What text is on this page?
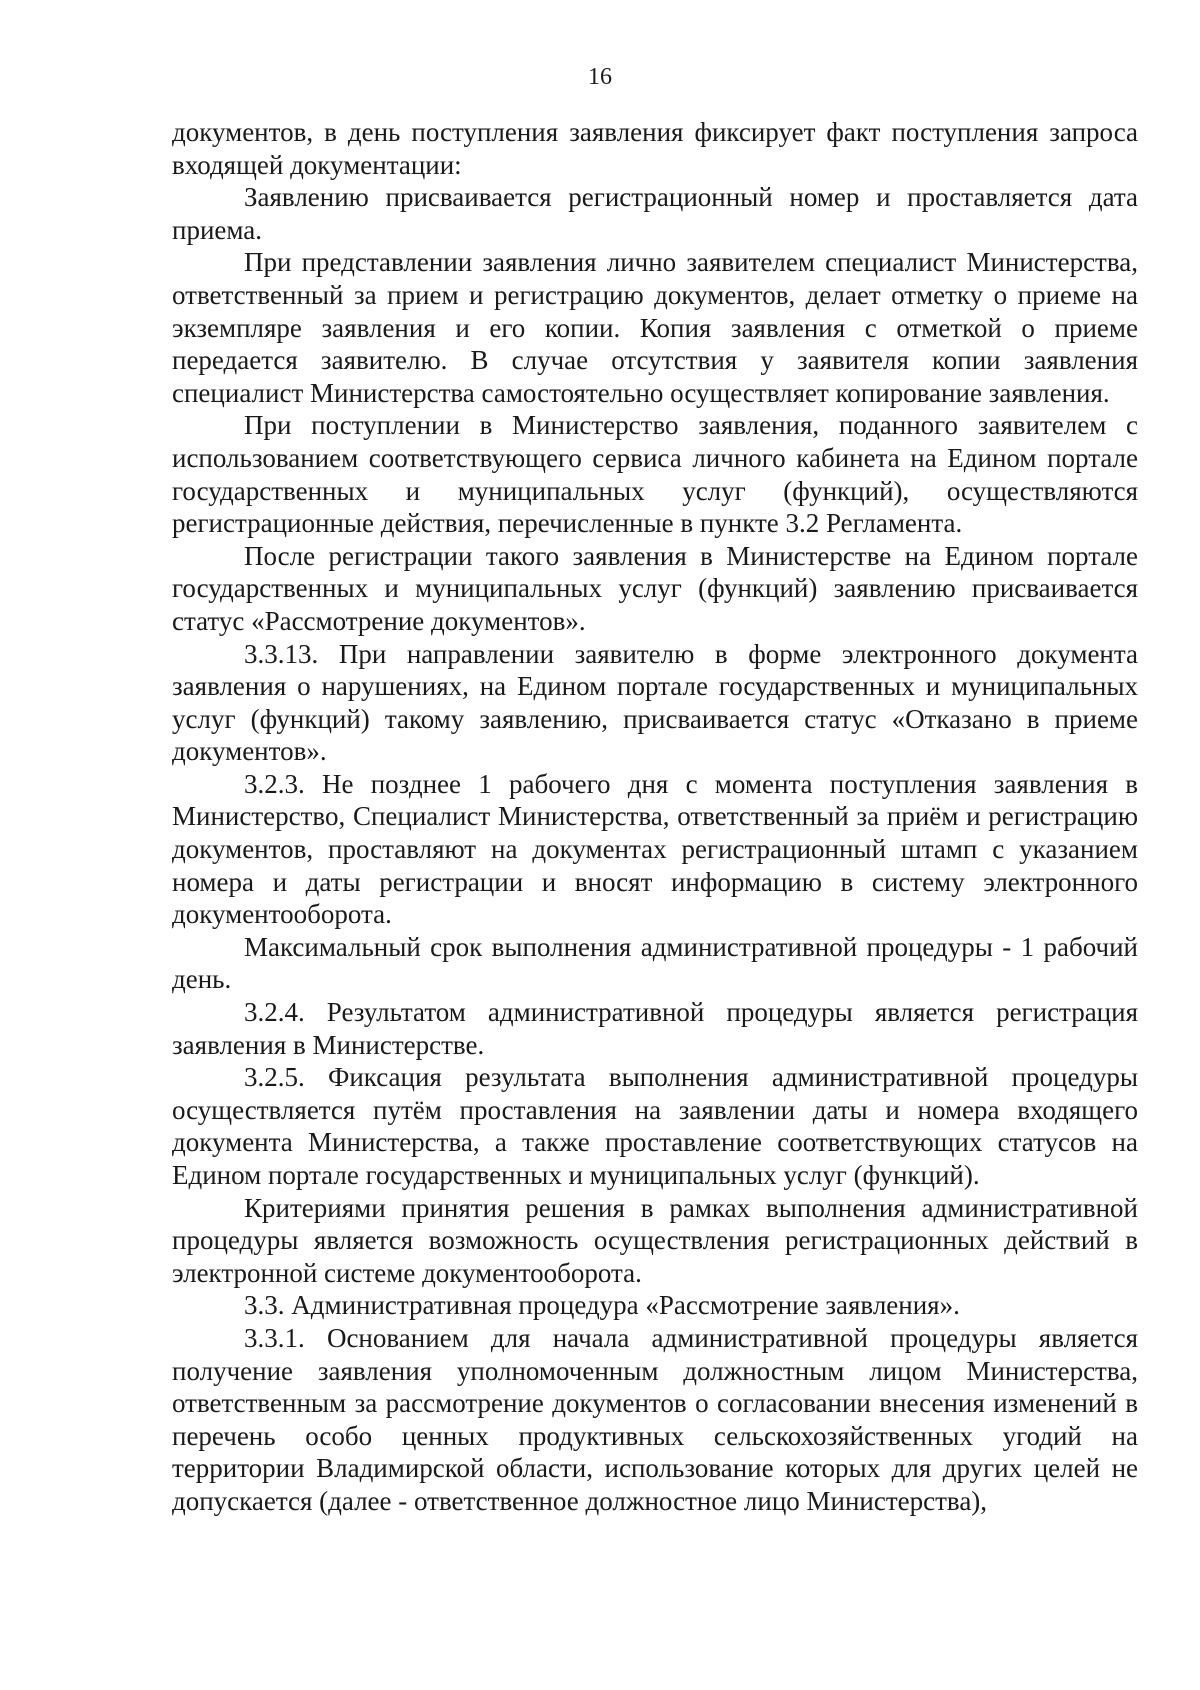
16

документов, в день поступления заявления фиксирует факт поступления запроса входящей документации:

Заявлению присваивается регистрационный номер и проставляется дата приема.

При представлении заявления лично заявителем специалист Министерства, ответственный за прием и регистрацию документов, делает отметку о приеме на экземпляре заявления и его копии. Копия заявления с отметкой о приеме передается заявителю. В случае отсутствия у заявителя копии заявления специалист Министерства самостоятельно осуществляет копирование заявления.

При поступлении в Министерство заявления, поданного заявителем с использованием соответствующего сервиса личного кабинета на Едином портале государственных и муниципальных услуг (функций), осуществляются регистрационные действия, перечисленные в пункте 3.2 Регламента.

После регистрации такого заявления в Министерстве на Едином портале государственных и муниципальных услуг (функций) заявлению присваивается статус «Рассмотрение документов».

3.3.13. При направлении заявителю в форме электронного документа заявления о нарушениях, на Едином портале государственных и муниципальных услуг (функций) такому заявлению, присваивается статус «Отказано в приеме документов».

3.2.3. Не позднее 1 рабочего дня с момента поступления заявления в Министерство, Специалист Министерства, ответственный за приём и регистрацию документов, проставляют на документах регистрационный штамп с указанием номера и даты регистрации и вносят информацию в систему электронного документооборота.

Максимальный срок выполнения административной процедуры - 1 рабочий день.

3.2.4. Результатом административной процедуры является регистрация заявления в Министерстве.

3.2.5. Фиксация результата выполнения административной процедуры осуществляется путём проставления на заявлении даты и номера входящего документа Министерства, а также проставление соответствующих статусов на Едином портале государственных и муниципальных услуг (функций).

Критериями принятия решения в рамках выполнения административной процедуры является возможность осуществления регистрационных действий в электронной системе документооборота.

3.3. Административная процедура «Рассмотрение заявления».

3.3.1. Основанием для начала административной процедуры является получение заявления уполномоченным должностным лицом Министерства, ответственным за рассмотрение документов о согласовании внесения изменений в перечень особо ценных продуктивных сельскохозяйственных угодий на территории Владимирской области, использование которых для других целей не допускается (далее - ответственное должностное лицо Министерства),
